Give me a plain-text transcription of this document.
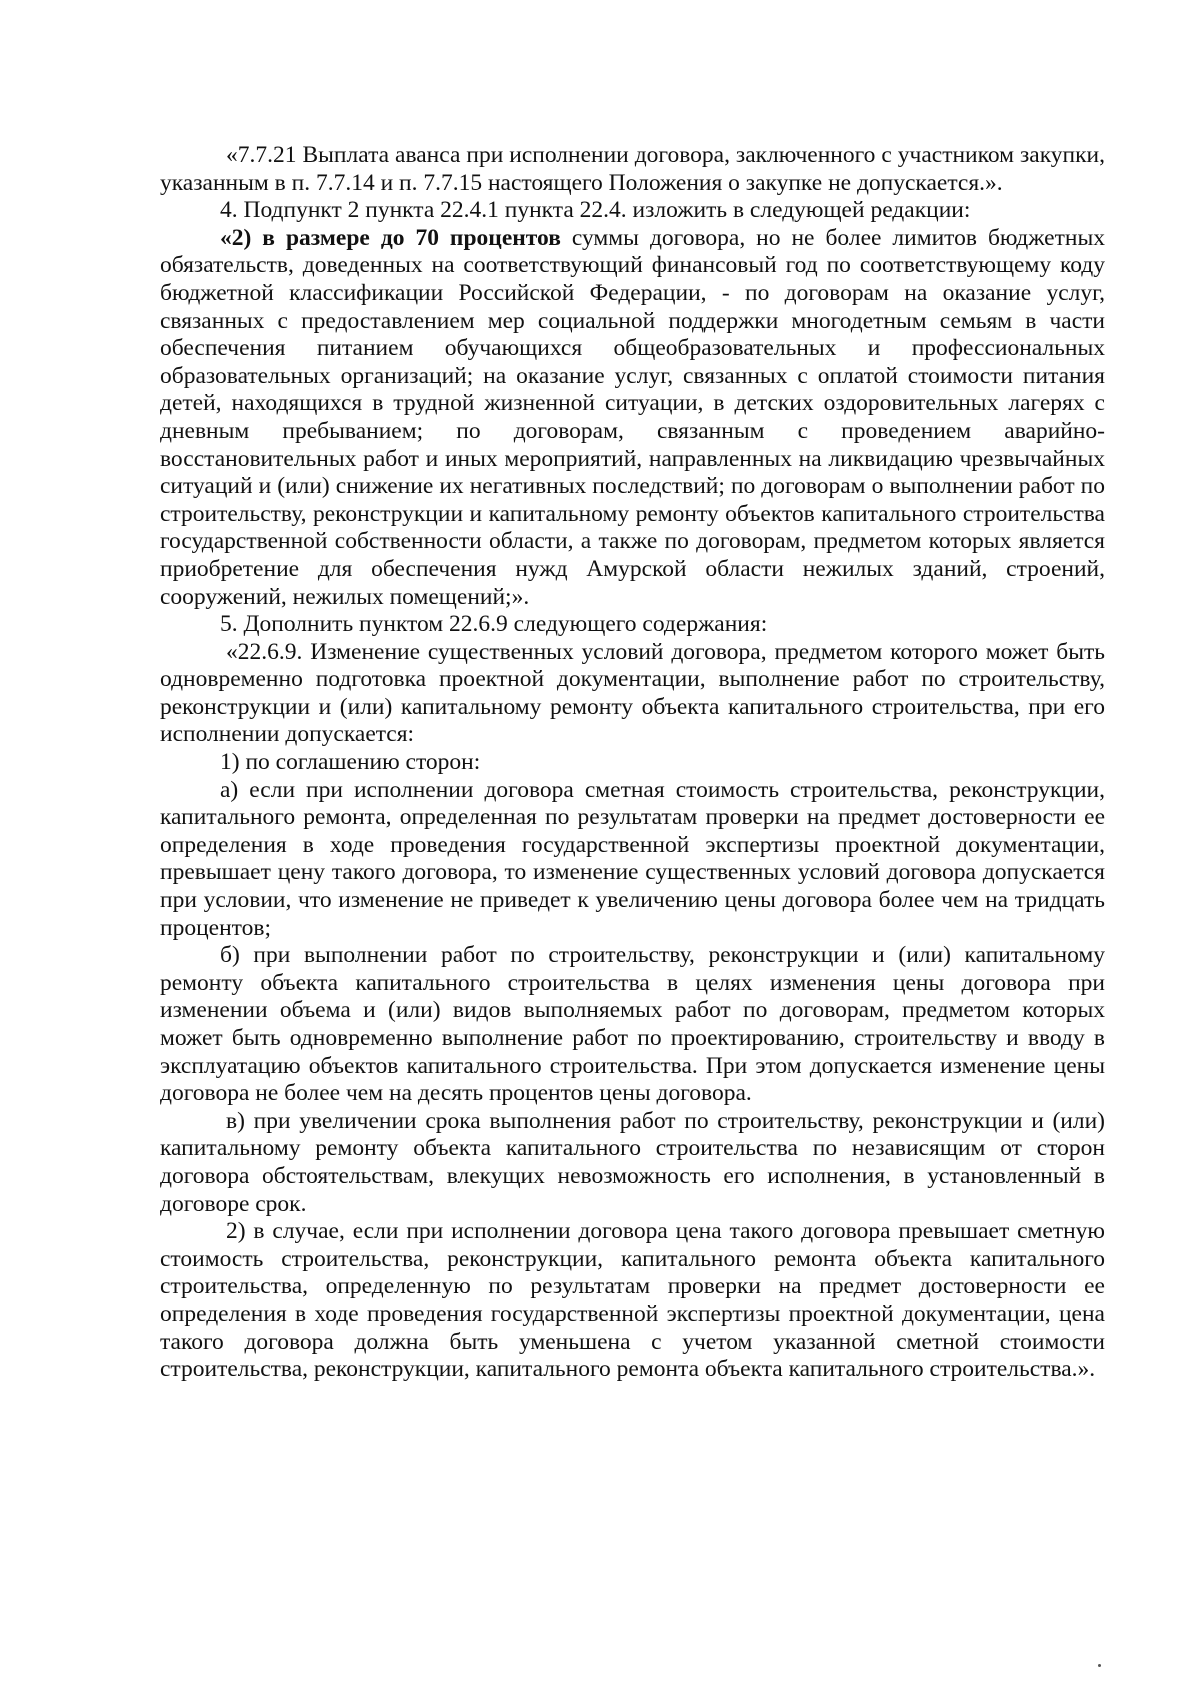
«7.7.21 Выплата аванса при исполнении договора, заключенного с участником закупки, указанным в п. 7.7.14 и п. 7.7.15 настоящего Положения о закупке не допускается.».

4. Подпункт 2 пункта 22.4.1 пункта 22.4. изложить в следующей редакции:

«2) в размере до 70 процентов суммы договора, но не более лимитов бюджетных обязательств, доведенных на соответствующий финансовый год по соответствующему коду бюджетной классификации Российской Федерации, - по договорам на оказание услуг, связанных с предоставлением мер социальной поддержки многодетным семьям в части обеспечения питанием обучающихся общеобразовательных и профессиональных образовательных организаций; на оказание услуг, связанных с оплатой стоимости питания детей, находящихся в трудной жизненной ситуации, в детских оздоровительных лагерях с дневным пребыванием; по договорам, связанным с проведением аварийно-восстановительных работ и иных мероприятий, направленных на ликвидацию чрезвычайных ситуаций и (или) снижение их негативных последствий; по договорам о выполнении работ по строительству, реконструкции и капитальному ремонту объектов капитального строительства государственной собственности области, а также по договорам, предметом которых является приобретение для обеспечения нужд Амурской области нежилых зданий, строений, сооружений, нежилых помещений;».

5. Дополнить пунктом 22.6.9 следующего содержания:

«22.6.9. Изменение существенных условий договора, предметом которого может быть одновременно подготовка проектной документации, выполнение работ по строительству, реконструкции и (или) капитальному ремонту объекта капитального строительства, при его исполнении допускается:

1) по соглашению сторон:

а) если при исполнении договора сметная стоимость строительства, реконструкции, капитального ремонта, определенная по результатам проверки на предмет достоверности ее определения в ходе проведения государственной экспертизы проектной документации, превышает цену такого договора, то изменение существенных условий договора допускается при условии, что изменение не приведет к увеличению цены договора более чем на тридцать процентов;

б) при выполнении работ по строительству, реконструкции и (или) капитальному ремонту объекта капитального строительства в целях изменения цены договора при изменении объема и (или) видов выполняемых работ по договорам, предметом которых может быть одновременно выполнение работ по проектированию, строительству и вводу в эксплуатацию объектов капитального строительства. При этом допускается изменение цены договора не более чем на десять процентов цены договора.

в) при увеличении срока выполнения работ по строительству, реконструкции и (или) капитальному ремонту объекта капитального строительства по независящим от сторон договора обстоятельствам, влекущих невозможность его исполнения, в установленный в договоре срок.

2) в случае, если при исполнении договора цена такого договора превышает сметную стоимость строительства, реконструкции, капитального ремонта объекта капитального строительства, определенную по результатам проверки на предмет достоверности ее определения в ходе проведения государственной экспертизы проектной документации, цена такого договора должна быть уменьшена с учетом указанной сметной стоимости строительства, реконструкции, капитального ремонта объекта капитального строительства.».
